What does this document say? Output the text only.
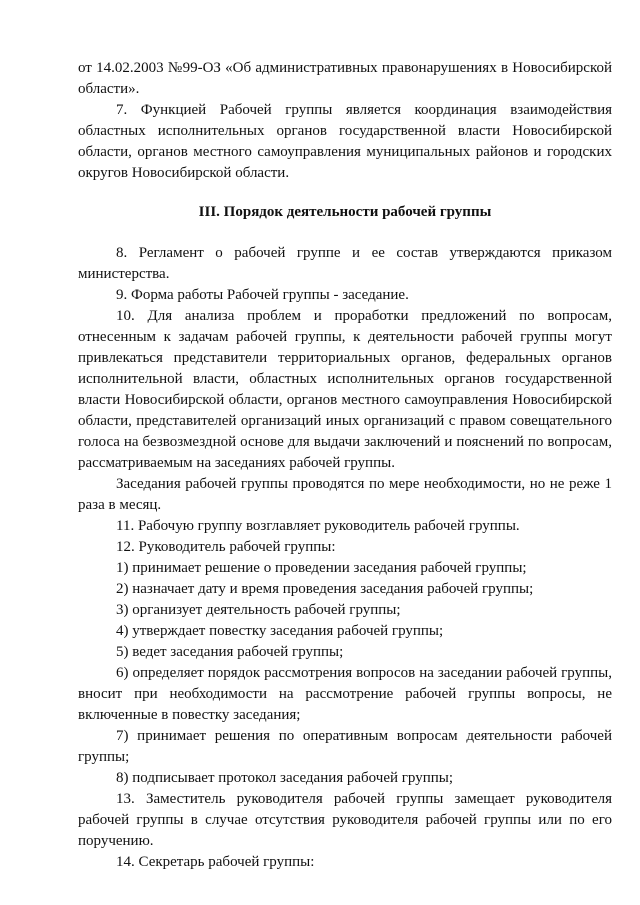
от 14.02.2003 №99-ОЗ «Об административных правонарушениях в Новосибирской области».

7. Функцией Рабочей группы является координация взаимодействия областных исполнительных органов государственной власти Новосибирской области, органов местного самоуправления муниципальных районов и городских округов Новосибирской области.

III. Порядок деятельности рабочей группы

8. Регламент о рабочей группе и ее состав утверждаются приказом министерства.

9. Форма работы Рабочей группы - заседание.

10. Для анализа проблем и проработки предложений по вопросам, отнесенным к задачам рабочей группы, к деятельности рабочей группы могут привлекаться представители территориальных органов, федеральных органов исполнительной власти, областных исполнительных органов государственной власти Новосибирской области, органов местного самоуправления Новосибирской области, представителей организаций иных организаций с правом совещательного голоса на безвозмездной основе для выдачи заключений и пояснений по вопросам, рассматриваемым на заседаниях рабочей группы.

Заседания рабочей группы проводятся по мере необходимости, но не реже 1 раза в месяц.

11. Рабочую группу возглавляет руководитель рабочей группы.

12. Руководитель рабочей группы:

1) принимает решение о проведении заседания рабочей группы;

2) назначает дату и время проведения заседания рабочей группы;

3) организует деятельность рабочей группы;

4) утверждает повестку заседания рабочей группы;

5) ведет заседания рабочей группы;

6) определяет порядок рассмотрения вопросов на заседании рабочей группы, вносит при необходимости на рассмотрение рабочей группы вопросы, не включенные в повестку заседания;

7) принимает решения по оперативным вопросам деятельности рабочей группы;

8) подписывает протокол заседания рабочей группы;

13. Заместитель руководителя рабочей группы замещает руководителя рабочей группы в случае отсутствия руководителя рабочей группы или по его поручению.

14. Секретарь рабочей группы:
